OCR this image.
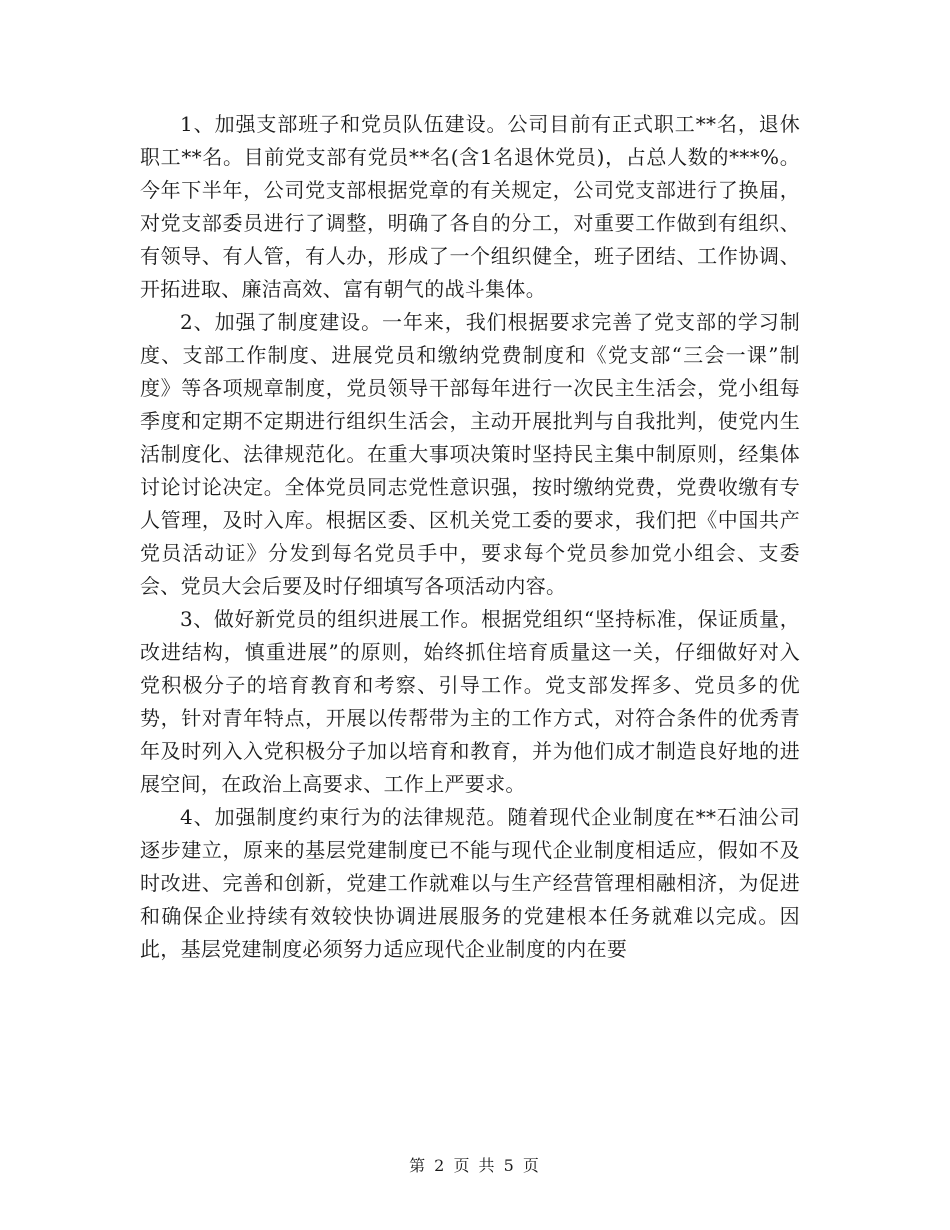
1、加强支部班子和党员队伍建设。公司目前有正式职工**名，退休职工**名。目前党支部有党员**名(含1名退休党员)，占总人数的***%。今年下半年，公司党支部根据党章的有关规定，公司党支部进行了换届，对党支部委员进行了调整，明确了各自的分工，对重要工作做到有组织、有领导、有人管，有人办，形成了一个组织健全，班子团结、工作协调、开拓进取、廉洁高效、富有朝气的战斗集体。

2、加强了制度建设。一年来，我们根据要求完善了党支部的学习制度、支部工作制度、进展党员和缴纳党费制度和《党支部“三会一课”制度》等各项规章制度，党员领导干部每年进行一次民主生活会，党小组每季度和定期不定期进行组织生活会，主动开展批判与自我批判，使党内生活制度化、法律规范化。在重大事项决策时坚持民主集中制原则，经集体讨论讨论决定。全体党员同志党性意识强，按时缴纳党费，党费收缴有专人管理，及时入库。根据区委、区机关党工委的要求，我们把《中国共产党员活动证》分发到每名党员手中，要求每个党员参加党小组会、支委会、党员大会后要及时仔细填写各项活动内容。

3、做好新党员的组织进展工作。根据党组织“坚持标准，保证质量，改进结构，慎重进展”的原则，始终抓住培育质量这一关，仔细做好对入党积极分子的培育教育和考察、引导工作。党支部发挥多、党员多的优势，针对青年特点，开展以传帮带为主的工作方式，对符合条件的优秀青年及时列入入党积极分子加以培育和教育，并为他们成才制造良好地的进展空间，在政治上高要求、工作上严要求。

4、加强制度约束行为的法律规范。随着现代企业制度在**石油公司逐步建立，原来的基层党建制度已不能与现代企业制度相适应，假如不及时改进、完善和创新，党建工作就难以与生产经营管理相融相济，为促进和确保企业持续有效较快协调进展服务的党建根本任务就难以完成。因此，基层党建制度必须努力适应现代企业制度的内在要

第 2 页 共 5 页
